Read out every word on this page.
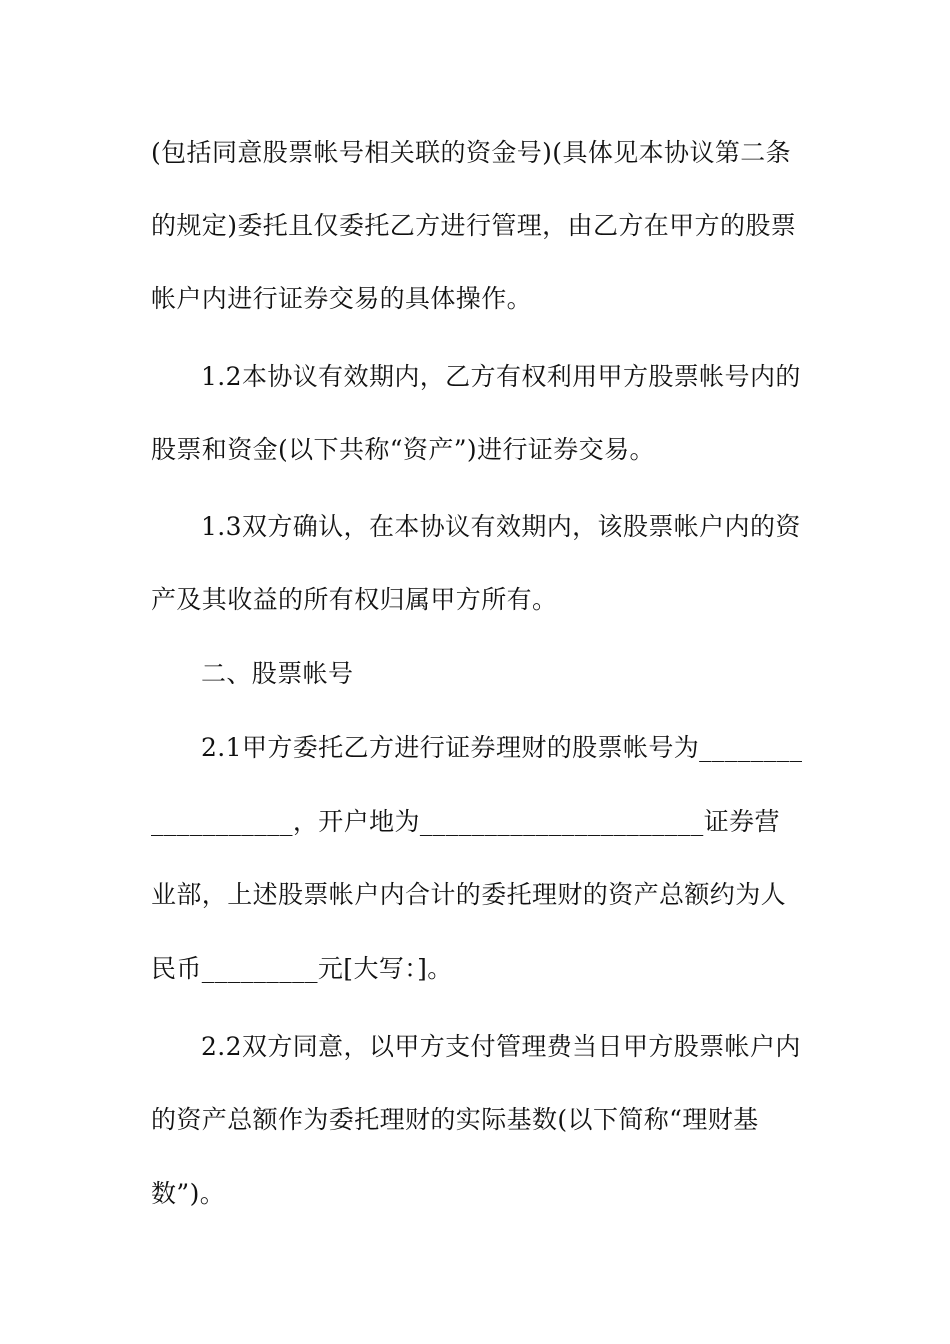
(包括同意股票帐号相关联的资金号)(具体见本协议第二条
的规定)委托且仅委托乙方进行管理，由乙方在甲方的股票
帐户内进行证券交易的具体操作。
1.2本协议有效期内，乙方有权利用甲方股票帐号内的
股票和资金(以下共称“资产”)进行证券交易。
1.3双方确认，在本协议有效期内，该股票帐户内的资
产及其收益的所有权归属甲方所有。
二、股票帐号
2.1甲方委托乙方进行证券理财的股票帐号为________
___________，开户地为______________________证券营
业部，上述股票帐户内合计的委托理财的资产总额约为人
民币_________元[大写：]。
2.2双方同意，以甲方支付管理费当日甲方股票帐户内
的资产总额作为委托理财的实际基数(以下简称“理财基
数”)。
